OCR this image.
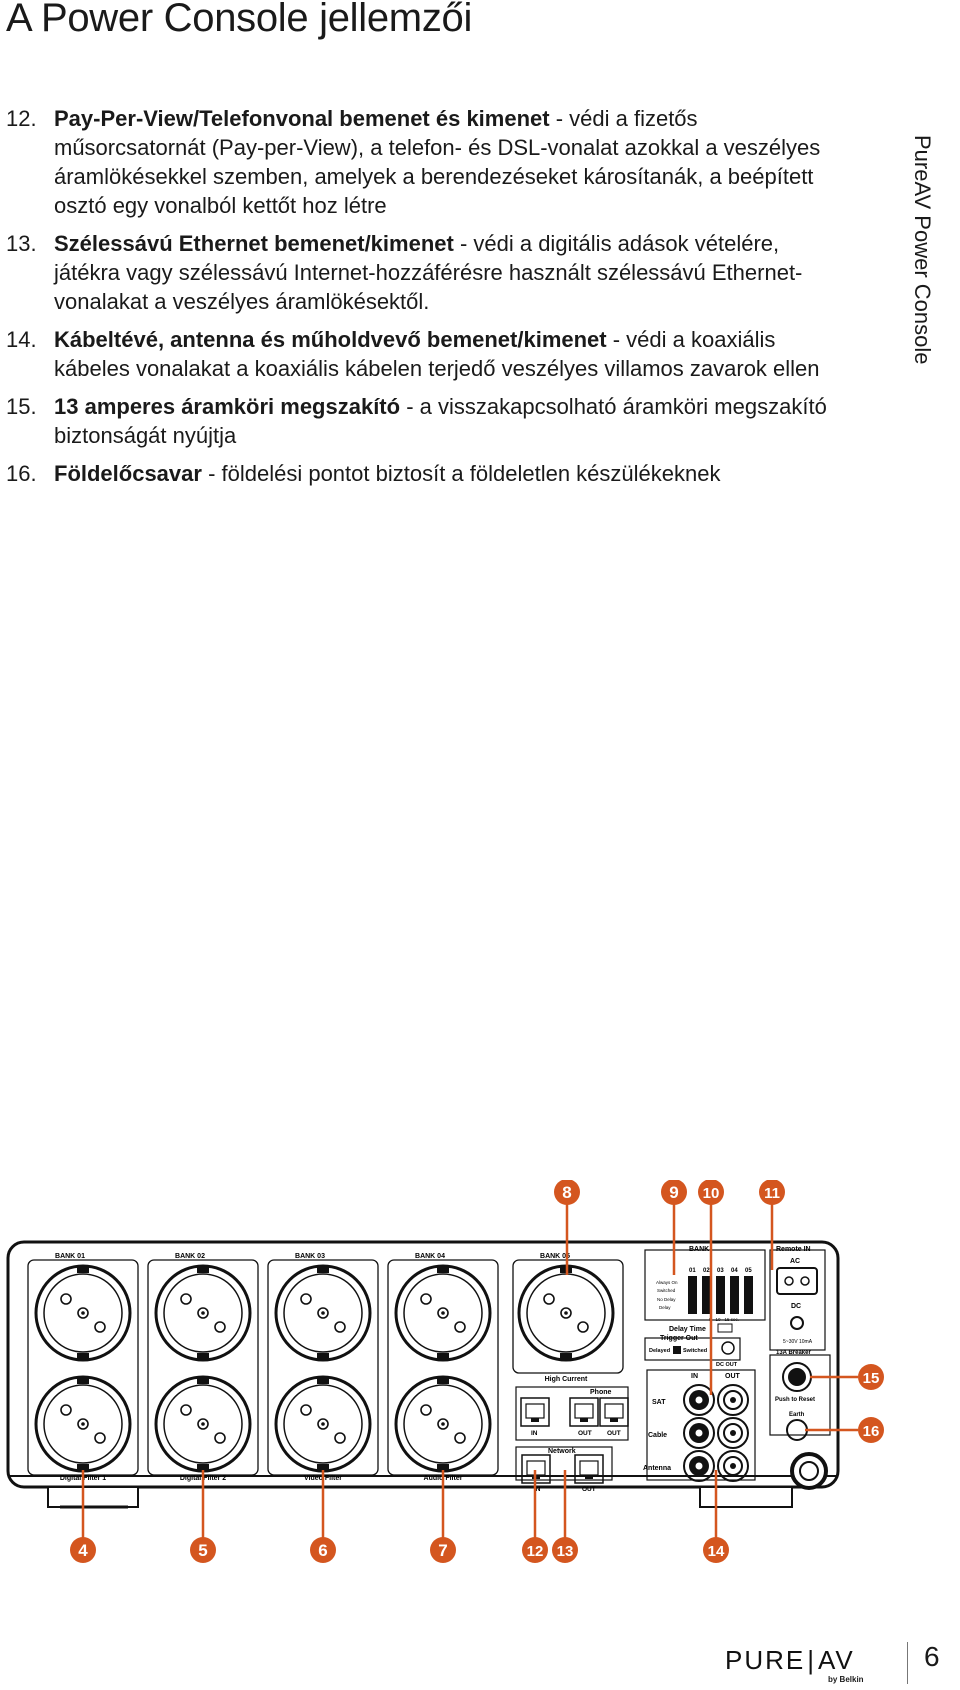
A Power Console jellemzői
12. Pay-Per-View/Telefonvonal bemenet és kimenet - védi a fizetős műsorcsatornát (Pay-per-View), a telefon- és DSL-vonalat azokkal a veszélyes áramlökésekkel szemben, amelyek a berendezéseket károsítanák, a beépített osztó egy vonalból kettőt hoz létre
13. Szélessávú Ethernet bemenet/kimenet - védi a digitális adások vételére, játékra vagy szélessávú Internet-hozzáférésre használt szélessávú Ethernet-vonalakat a veszélyes áramlökésektől.
14. Kábeltévé, antenna és műholdvevő bemenet/kimenet - védi a koaxiális kábeles vonalakat a koaxiális kábelen terjedő veszélyes villamos zavarok ellen
15. 13 amperes áramköri megszakító - a visszakapcsolható áramköri megszakító biztonságát nyújtja
16. Földelőcsavar - földelési pontot biztosít a földeletlen készülékeknek
PureAV Power Console
BANK 01
Digital Filter 1
BANK 02
Digital Filter 2
BANK 03
Video Filter
BANK 04
Audio Filter
BANK 05
High Current
Phone
IN	OUT OUT
Network
IN	OUT
BANK
01 02 03 04 05
Always On
Switched
No Delay
Delay
Delay Time
5 · 10 · 15 sec.
Trigger Out
Delayed Switched
DC OUT
Remote IN
AC
DC
5~30V 10mA
13A Breaker
Push to Reset
Earth
IN	OUT
SAT
Cable
Antenna
8	9 10	11
15
16
4	5	6	7	12 13	14
PURE|AV
by Belkin
6
